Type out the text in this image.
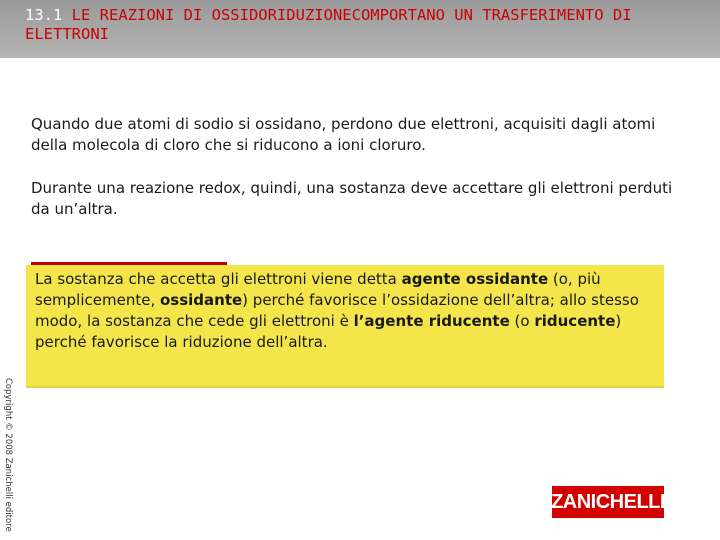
13.1 LE REAZIONI DI OSSIDORIDUZIONECOMPORTANO UN TRASFERIMENTO DI ELETTRONI
Quando due atomi di sodio si ossidano, perdono due elettroni, acquisiti dagli atomi della molecola di cloro che si riducono a ioni cloruro.
Durante una reazione redox, quindi, una sostanza deve accettare gli elettroni perduti da un’altra.
La sostanza che accetta gli elettroni viene detta agente ossidante (o, più semplicemente, ossidante) perché favorisce l’ossidazione dell’altra; allo stesso modo, la sostanza che cede gli elettroni è l’agente riducente (o riducente) perché favorisce la riduzione dell’altra.
Copyright © 2008 Zanichelli editore	ZANICHELLI
